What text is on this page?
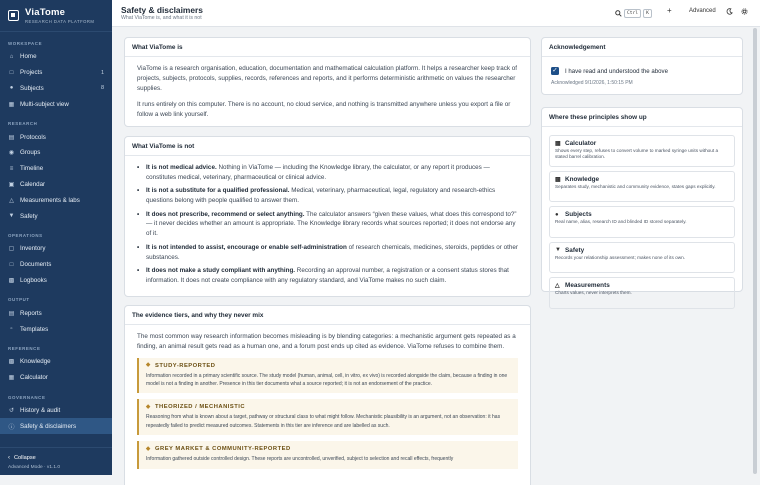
ViaTome
RESEARCH DATA PLATFORM
WORKSPACE
⌂ Home
□ Projects	1
● Subjects	8
▦ Multi-subject view
RESEARCH
▤ Protocols
◉ Groups
≡ Timeline
▣ Calendar
△ Measurements & labs
▼ Safety
OPERATIONS
▢ Inventory
□ Documents
▩ Logbooks
OUTPUT
▤ Reports
▫	Templates
REFERENCE
▩ Knowledge
▦ Calculator
GOVERNANCE
↺ History & audit
ⓘ Safety & disclaimers
‹ Collapse
Advanced Mode · v1.1.0
Safety & disclaimers
What ViaTome is, and what it is not
Ctrl	K	+	Advanced
What ViaTome is

ViaTome is a research organisation, education, documentation and mathematical calculation platform. It helps a researcher keep track of projects, subjects, protocols, supplies, records, references and reports, and it performs deterministic arithmetic on values the researcher supplies.

It runs entirely on this computer. There is no account, no cloud service, and nothing is transmitted anywhere unless you export a file or follow a web link yourself.

What ViaTome is not
• It is not medical advice. Nothing in ViaTome — including the Knowledge library, the calculator, or any report it produces — constitutes medical, veterinary, pharmaceutical or clinical advice.
• It is not a substitute for a qualified professional. Medical, veterinary, pharmaceutical, legal, regulatory and research-ethics questions belong with people qualified to answer them.
• It does not prescribe, recommend or select anything. The calculator answers “given these values, what does this correspond to?” — it never decides whether an amount is appropriate. The Knowledge library records what sources reported; it does not endorse any of it.
• It is not intended to assist, encourage or enable self-administration of research chemicals, medicines, steroids, peptides or other substances.
• It does not make a study compliant with anything. Recording an approval number, a registration or a consent status stores that information. It does not create compliance with any regulatory standard, and ViaTome makes no such claim.
The evidence tiers, and why they never mix

The most common way research information becomes misleading is by blending categories: a mechanistic argument gets repeated as a finding, an animal result gets read as a human one, and a forum post ends up cited as evidence. ViaTome refuses to combine them.

◆ STUDY-REPORTED
Information recorded in a primary scientific source. The study model (human, animal, cell, in vitro, ex vivo) is recorded alongside the claim, because a finding in one model is not a finding in another. Presence in this tier documents what a source reported; it is not an endorsement of the practice.
◆ THEORIZED / MECHANISTIC
Reasoning from what is known about a target, pathway or structural class to what might follow. Mechanistic plausibility is an argument, not an observation: it has repeatedly failed to predict measured outcomes. Statements in this tier are inference and are labelled as such.
◆ GREY MARKET & COMMUNITY-REPORTED
Information gathered outside controlled design. These reports are uncontrolled, unverified, subject to selection and recall effects, frequently
Acknowledgement
✓ I have read and understood the above
Acknowledged 9/1/2026, 1:50:15 PM
Where these principles show up
▦ Calculator
Shows every step, refuses to convert volume to marked syringe units without a stated barrel calibration.
▩ Knowledge
Separates study, mechanistic and community evidence, states gaps explicitly.
● Subjects
Real name, alias, research ID and blinded ID stored separately.
▼ Safety
Records your relationship assessment; makes none of its own.
△ Measurements
Charts values, never interprets them.
